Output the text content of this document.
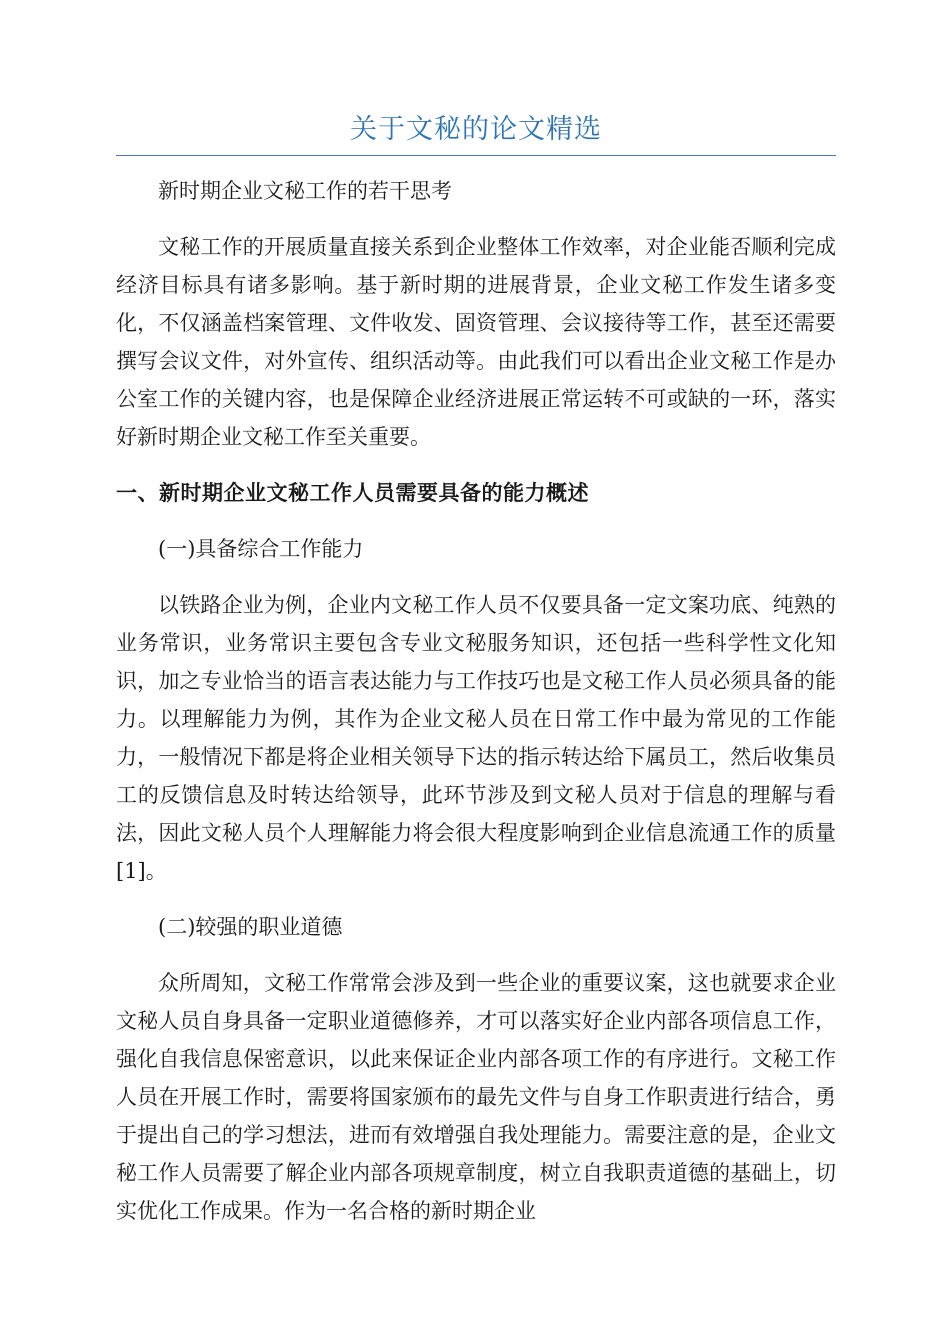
关于文秘的论文精选

新时期企业文秘工作的若干思考

文秘工作的开展质量直接关系到企业整体工作效率，对企业能否顺利完成经济目标具有诸多影响。基于新时期的进展背景，企业文秘工作发生诸多变化，不仅涵盖档案管理、文件收发、固资管理、会议接待等工作，甚至还需要撰写会议文件，对外宣传、组织活动等。由此我们可以看出企业文秘工作是办公室工作的关键内容，也是保障企业经济进展正常运转不可或缺的一环，落实好新时期企业文秘工作至关重要。

一、新时期企业文秘工作人员需要具备的能力概述

(一)具备综合工作能力

以铁路企业为例，企业内文秘工作人员不仅要具备一定文案功底、纯熟的业务常识，业务常识主要包含专业文秘服务知识，还包括一些科学性文化知识，加之专业恰当的语言表达能力与工作技巧也是文秘工作人员必须具备的能力。以理解能力为例，其作为企业文秘人员在日常工作中最为常见的工作能力，一般情况下都是将企业相关领导下达的指示转达给下属员工，然后收集员工的反馈信息及时转达给领导，此环节涉及到文秘人员对于信息的理解与看法，因此文秘人员个人理解能力将会很大程度影响到企业信息流通工作的质量[1]。

(二)较强的职业道德

众所周知，文秘工作常常会涉及到一些企业的重要议案，这也就要求企业文秘人员自身具备一定职业道德修养，才可以落实好企业内部各项信息工作，强化自我信息保密意识，以此来保证企业内部各项工作的有序进行。文秘工作人员在开展工作时，需要将国家颁布的最先文件与自身工作职责进行结合，勇于提出自己的学习想法，进而有效增强自我处理能力。需要注意的是，企业文秘工作人员需要了解企业内部各项规章制度，树立自我职责道德的基础上，切实优化工作成果。作为一名合格的新时期企业
